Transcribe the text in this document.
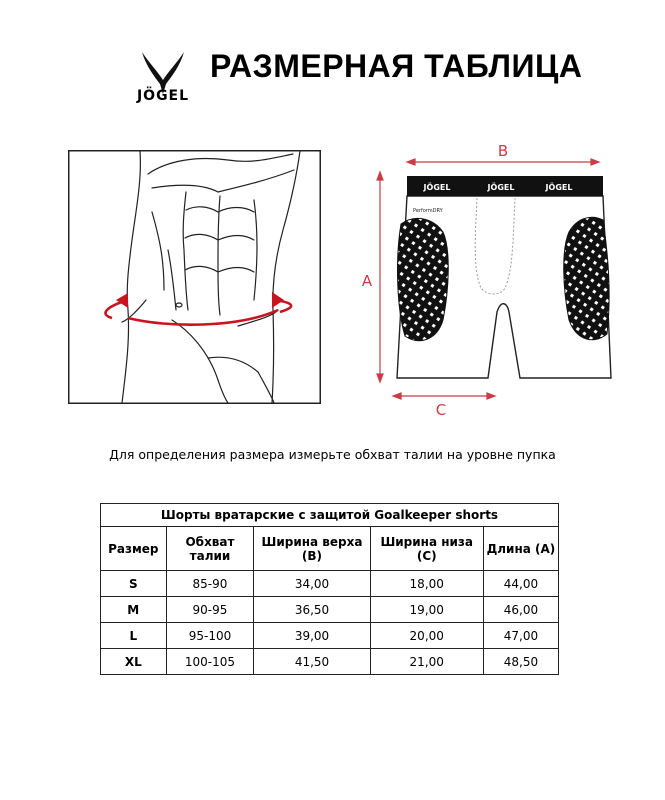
JÖGEL
РАЗМЕРНАЯ ТАБЛИЦА
B
A
C
JÖGEL	JÖGEL	JÖGEL
PerformDRY
Для определения размера измерьте обхват талии на уровне пупка
Шорты вратарские с защитой Goalkeeper shorts				
Размер	Обхват талии	Ширина верха (B)	Ширина низа (C)	Длина (A)
S	85-90	34,00	18,00	44,00
M	90-95	36,50	19,00	46,00
L	95-100	39,00	20,00	47,00
XL	100-105	41,50	21,00	48,50
